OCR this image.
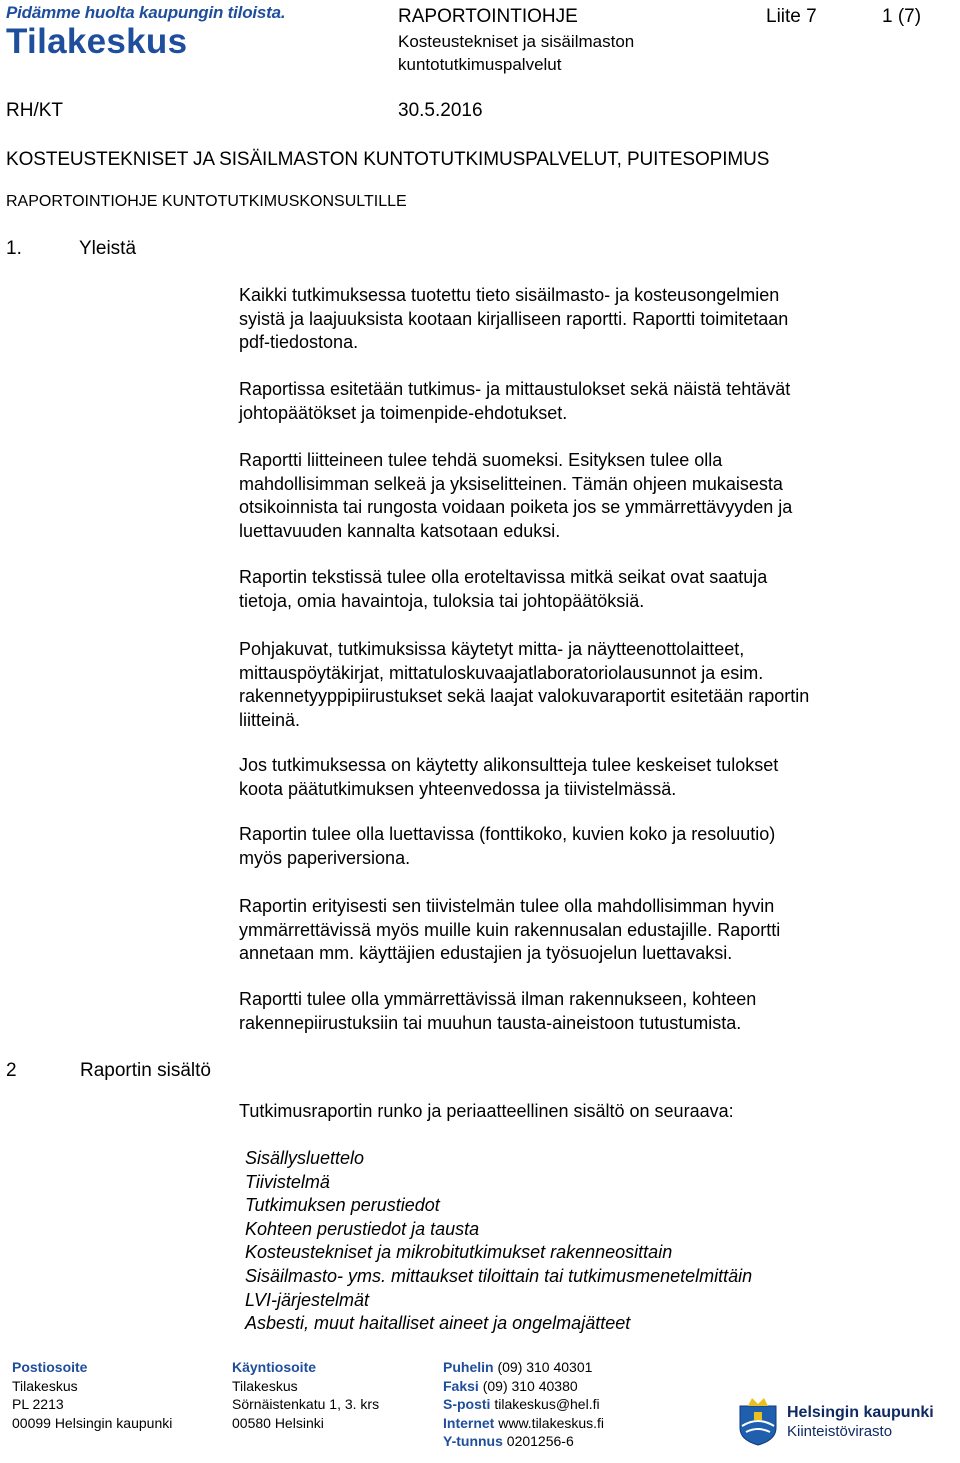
Pidämme huolta kaupungin tiloista.
Tilakeskus
RAPORTOINTIOHJE	Liite 7	1 (7)
Kosteustekniset ja sisäilmaston
kuntotutkimuspalvelut
RH/KT	30.5.2016
KOSTEUSTEKNISET JA SISÄILMASTON KUNTOTUTKIMUSPALVELUT, PUITESOPIMUS
RAPORTOINTIOHJE KUNTOTUTKIMUSKONSULTILLE
1.	Yleistä
Kaikki tutkimuksessa tuotettu tieto sisäilmasto- ja kosteusongelmien
syistä ja laajuuksista kootaan kirjalliseen raportti. Raportti toimitetaan
pdf-tiedostona.
Raportissa esitetään tutkimus- ja mittaustulokset sekä näistä tehtävät
johtopäätökset ja toimenpide-ehdotukset.
Raportti liitteineen tulee tehdä suomeksi. Esityksen tulee olla
mahdollisimman selkeä ja yksiselitteinen. Tämän ohjeen mukaisesta
otsikoinnista tai rungosta voidaan poiketa jos se ymmärrettävyyden ja
luettavuuden kannalta katsotaan eduksi.
Raportin tekstissä tulee olla eroteltavissa mitkä seikat ovat saatuja
tietoja, omia havaintoja, tuloksia tai johtopäätöksiä.
Pohjakuvat, tutkimuksissa käytetyt mitta- ja näytteenottolaitteet,
mittauspöytäkirjat, mittatuloskuvaajatlaboratoriolausunnot ja esim.
rakennetyyppipiirustukset sekä laajat valokuvaraportit esitetään raportin
liitteinä.
Jos tutkimuksessa on käytetty alikonsultteja tulee keskeiset tulokset
koota päätutkimuksen yhteenvedossa ja tiivistelmässä.
Raportin tulee olla luettavissa (fonttikoko, kuvien koko ja resoluutio)
myös paperiversiona.
Raportin erityisesti sen tiivistelmän tulee olla mahdollisimman hyvin
ymmärrettävissä myös muille kuin rakennusalan edustajille. Raportti
annetaan mm. käyttäjien edustajien ja työsuojelun luettavaksi.
Raportti tulee olla ymmärrettävissä ilman rakennukseen, kohteen
rakennepiirustuksiin tai muuhun tausta-aineistoon tutustumista.
2	Raportin sisältö
Tutkimusraportin runko ja periaatteellinen sisältö on seuraava:
Sisällysluettelo
Tiivistelmä
Tutkimuksen perustiedot
Kohteen perustiedot ja tausta
Kosteustekniset ja mikrobitutkimukset rakenneosittain
Sisäilmasto- yms. mittaukset tiloittain tai tutkimusmenetelmittäin
LVI-järjestelmät
Asbesti, muut haitalliset aineet ja ongelmajätteet
Postiosoite
Tilakeskus
PL 2213
00099 Helsingin kaupunki
Käyntiosoite
Tilakeskus
Sörnäistenkatu 1, 3. krs
00580 Helsinki
Puhelin (09) 310 40301
Faksi (09) 310 40380
S-posti tilakeskus@hel.fi
Internet www.tilakeskus.fi
Y-tunnus 0201256-6
Helsingin kaupunki
Kiinteistövirasto
